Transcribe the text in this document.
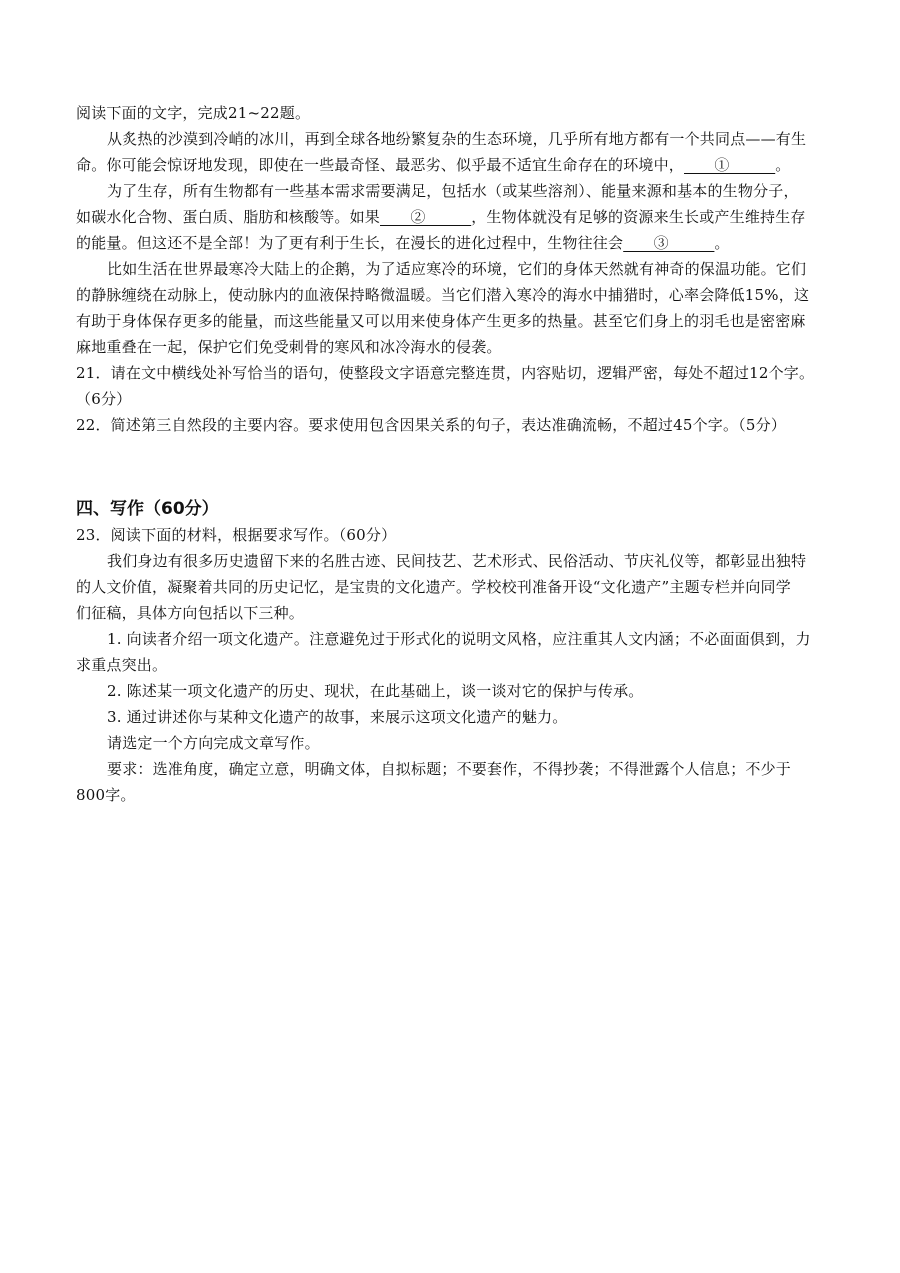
阅读下面的文字，完成21~22题。
从炙热的沙漠到冷峭的冰川，再到全球各地纷繁复杂的生态环境，几乎所有地方都有一个共同点——有生
命。你可能会惊讶地发现，即使在一些最奇怪、最恶劣、似乎最不适宜生命存在的环境中，　　①　　　。
为了生存，所有生物都有一些基本需求需要满足，包括水（或某些溶剂）、能量来源和基本的生物分子，
如碳水化合物、蛋白质、脂肪和核酸等。如果　　②　　　，生物体就没有足够的资源来生长或产生维持生存
的能量。但这还不是全部！为了更有利于生长，在漫长的进化过程中，生物往往会　　③　　　。
比如生活在世界最寒冷大陆上的企鹅，为了适应寒冷的环境，它们的身体天然就有神奇的保温功能。它们
的静脉缠绕在动脉上，使动脉内的血液保持略微温暖。当它们潜入寒冷的海水中捕猎时，心率会降低15%，这
有助于身体保存更多的能量，而这些能量又可以用来使身体产生更多的热量。甚至它们身上的羽毛也是密密麻
麻地重叠在一起，保护它们免受刺骨的寒风和冰冷海水的侵袭。
21．请在文中横线处补写恰当的语句，使整段文字语意完整连贯，内容贴切，逻辑严密，每处不超过12个字。
（6分）
22．简述第三自然段的主要内容。要求使用包含因果关系的句子，表达准确流畅，不超过45个字。（5分）
四、写作（60分）
23．阅读下面的材料，根据要求写作。（60分）
我们身边有很多历史遗留下来的名胜古迹、民间技艺、艺术形式、民俗活动、节庆礼仪等，都彰显出独特
的人文价值，凝聚着共同的历史记忆，是宝贵的文化遗产。学校校刊准备开设“文化遗产”主题专栏并向同学
们征稿，具体方向包括以下三种。
1. 向读者介绍一项文化遗产。注意避免过于形式化的说明文风格，应注重其人文内涵；不必面面俱到，力
求重点突出。
2. 陈述某一项文化遗产的历史、现状，在此基础上，谈一谈对它的保护与传承。
3. 通过讲述你与某种文化遗产的故事，来展示这项文化遗产的魅力。
请选定一个方向完成文章写作。
要求：选准角度，确定立意，明确文体，自拟标题；不要套作，不得抄袭；不得泄露个人信息；不少于
800字。
